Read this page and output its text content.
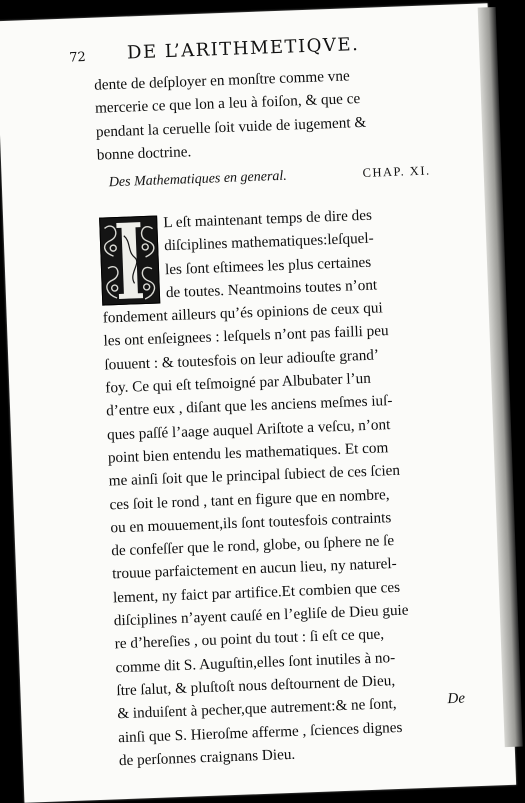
72 DE L’ARITHMETIQVE.
dente de deſployer en monſtre comme vne
mercerie ce que lon a leu à foiſon, & que ce
pendant la ceruelle ſoit vuide de iugement &
bonne doctrine.
Des Mathematiques en general.	CHAP. XI.
L eſt maintenant temps de dire des
diſciplines mathematiques:leſquel-
les ſont eſtimees les plus certaines
de toutes. Neantmoins toutes n’ont
fondement ailleurs qu’és opinions de ceux qui
les ont enſeignees : leſquels n’ont pas failli peu
ſouuent : & toutesfois on leur adiouſte grand’
foy. Ce qui eſt teſmoigné par Albubater l’un
d’entre eux , diſant que les anciens meſmes iuſ-
ques paſſé l’aage auquel Ariſtote a veſcu, n’ont
point bien entendu les mathematiques. Et com
me ainſi ſoit que le principal ſubiect de ces ſcien
ces ſoit le rond , tant en figure que en nombre,
ou en mouuement,ils ſont toutesfois contraints
de confeſſer que le rond, globe, ou ſphere ne ſe
trouue parfaictement en aucun lieu, ny naturel-
lement, ny faict par artifice.Et combien que ces
diſciplines n’ayent cauſé en l’egliſe de Dieu guie
re d’hereſies , ou point du tout : ſi eſt ce que,
comme dit S. Auguſtin,elles ſont inutiles à no-
ſtre ſalut, & pluſtoſt nous deſtournent de Dieu,
& induiſent à pecher,que autrement:& ne ſont,
ainſi que S. Hieroſme afferme , ſciences dignes
de perſonnes craignans Dieu.
De
